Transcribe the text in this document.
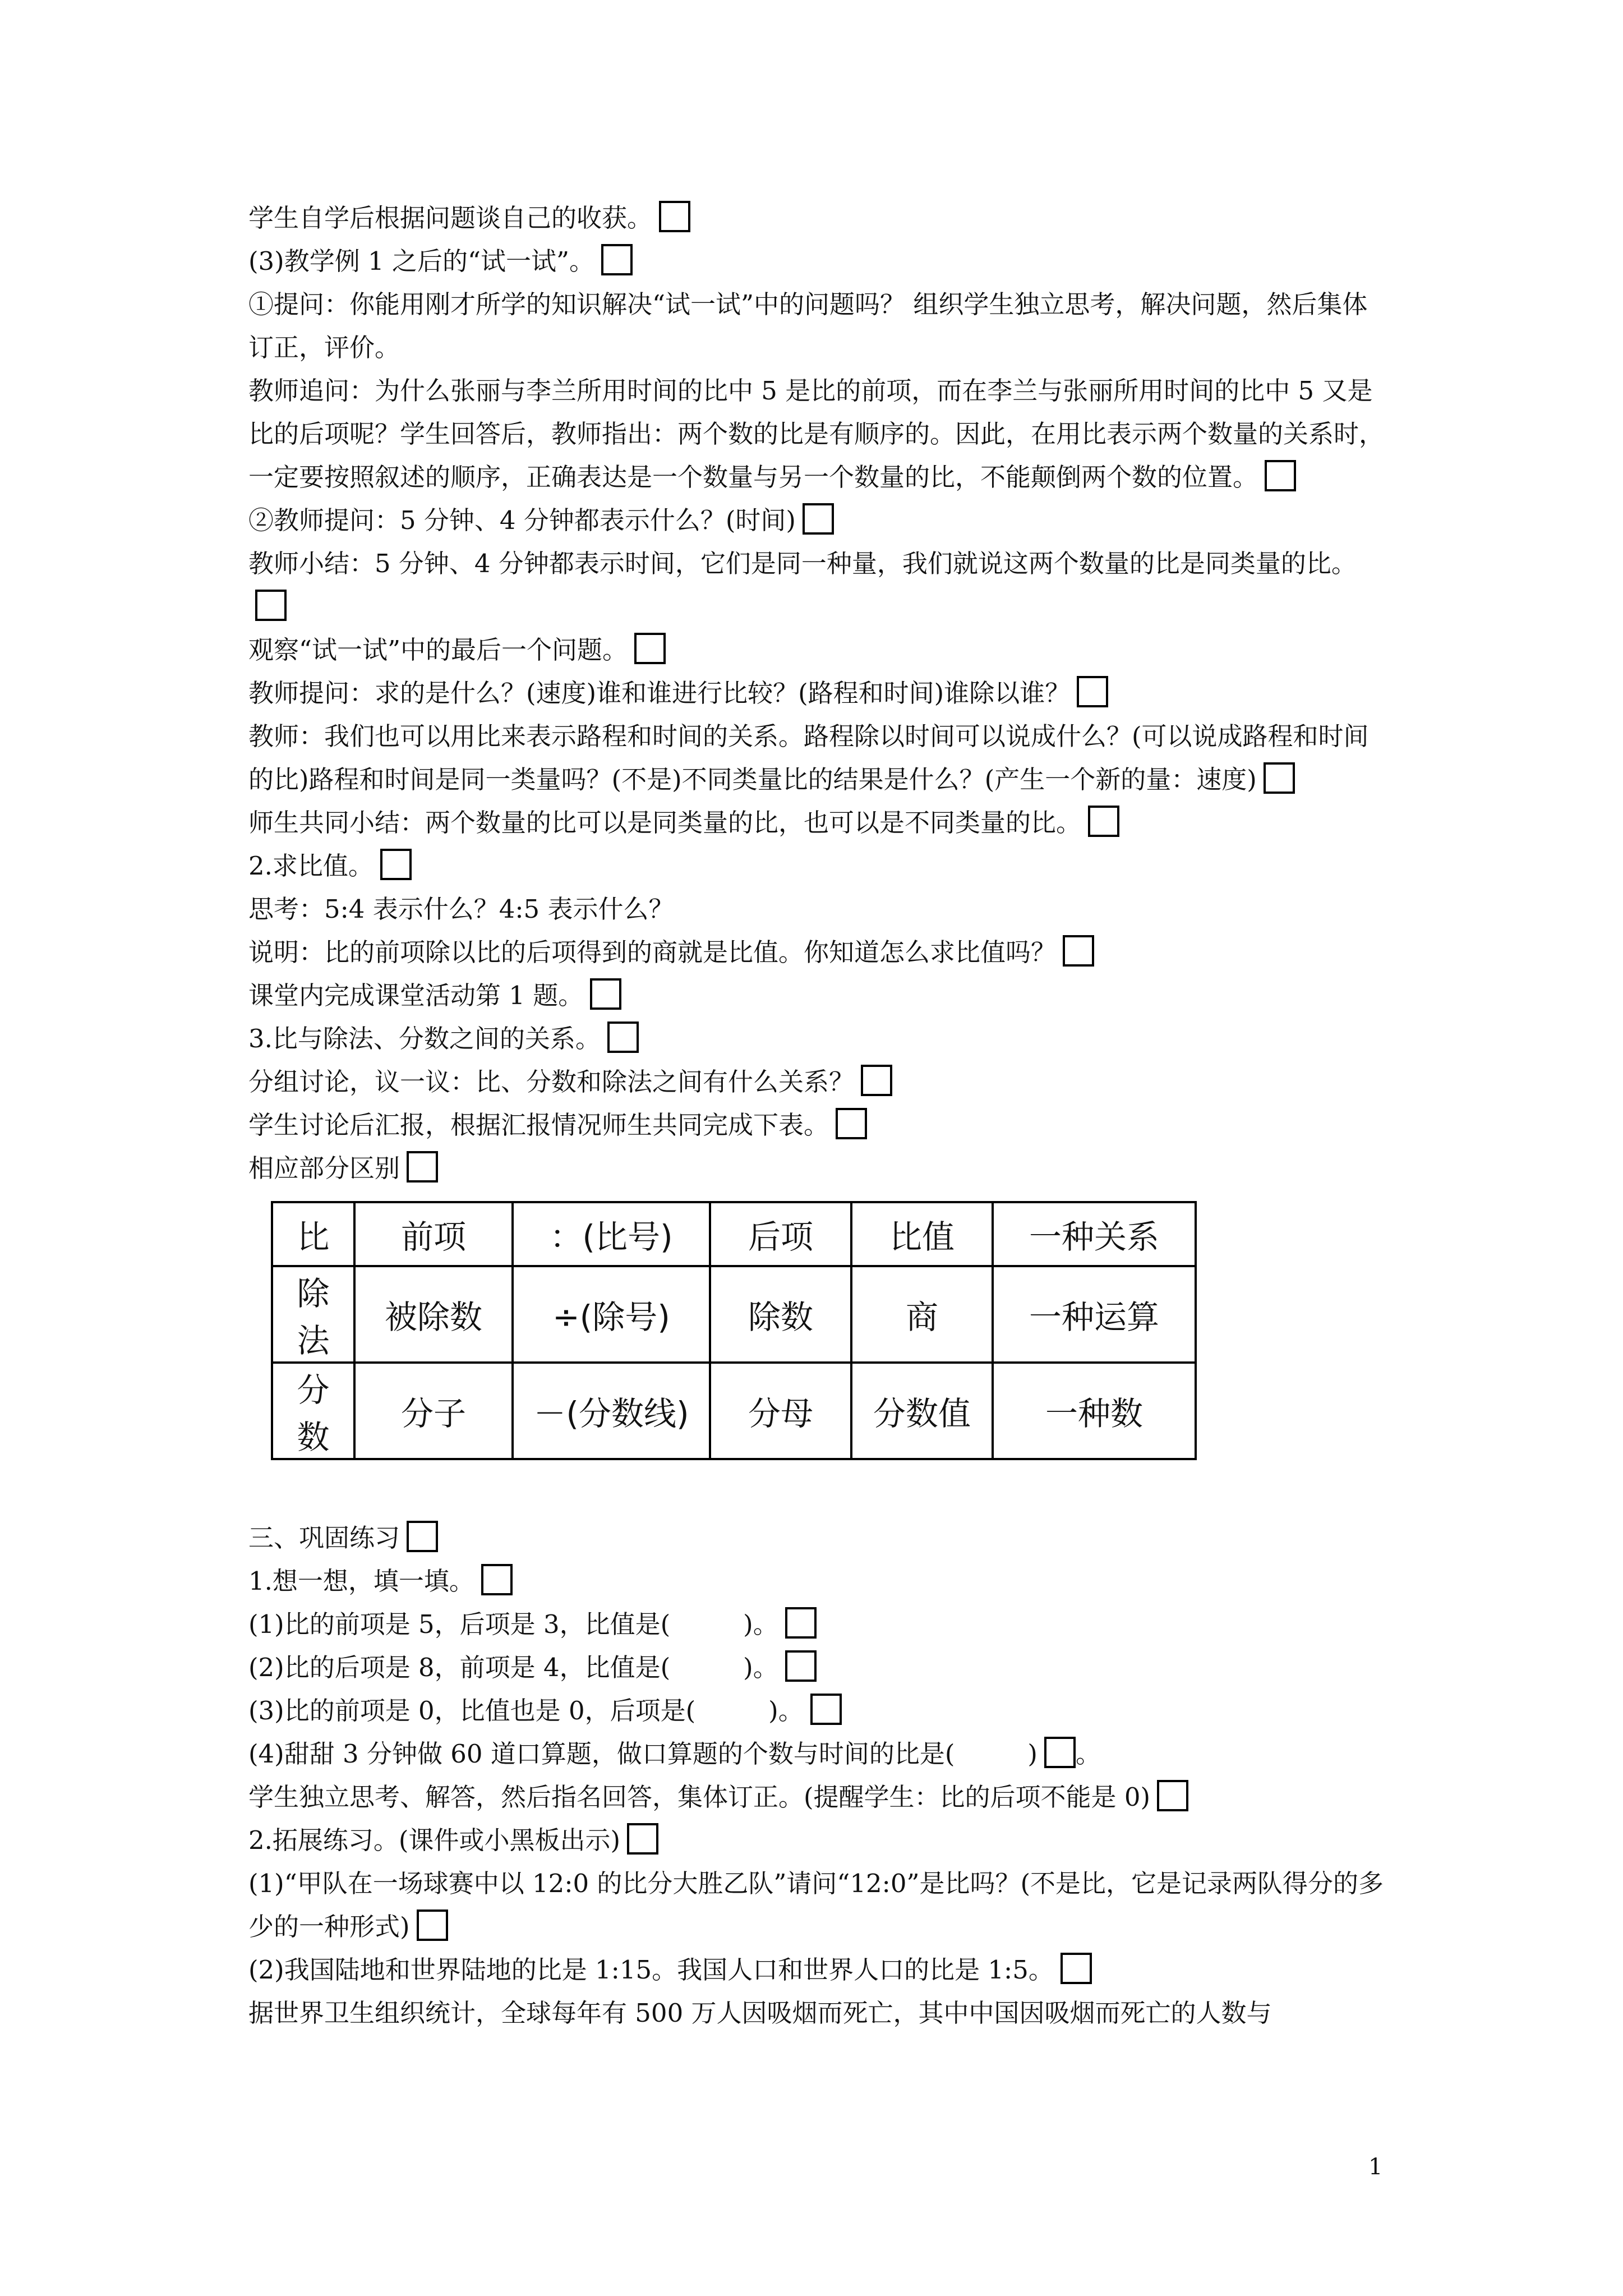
学生自学后根据问题谈自己的收获。
(3)教学例 1 之后的“试一试”。
①提问：你能用刚才所学的知识解决“试一试”中的问题吗？ 组织学生独立思考，解决问题，然后集体订正，评价。
教师追问：为什么张丽与李兰所用时间的比中 5 是比的前项，而在李兰与张丽所用时间的比中 5 又是比的后项呢？学生回答后，教师指出：两个数的比是有顺序的。因此，在用比表示两个数量的关系时，一定要按照叙述的顺序，正确表达是一个数量与另一个数量的比，不能颠倒两个数的位置。
②教师提问：5 分钟、4 分钟都表示什么？(时间)
教师小结：5 分钟、4 分钟都表示时间，它们是同一种量，我们就说这两个数量的比是同类量的比。
观察“试一试”中的最后一个问题。
教师提问：求的是什么？(速度)谁和谁进行比较？(路程和时间)谁除以谁？
教师：我们也可以用比来表示路程和时间的关系。路程除以时间可以说成什么？(可以说成路程和时间的比)路程和时间是同一类量吗？(不是)不同类量比的结果是什么？(产生一个新的量：速度)
师生共同小结：两个数量的比可以是同类量的比，也可以是不同类量的比。
2.求比值。
思考：5:4 表示什么？4:5 表示什么？
说明：比的前项除以比的后项得到的商就是比值。你知道怎么求比值吗？
课堂内完成课堂活动第 1 题。
3.比与除法、分数之间的关系。
分组讨论，议一议：比、分数和除法之间有什么关系？
学生讨论后汇报，根据汇报情况师生共同完成下表。
相应部分区别
比	前项	：(比号)	后项	比值	一种关系
除法	被除数	÷(除号)	除数	商	一种运算
分数	分子	－(分数线)	分母	分数值	一种数
三、巩固练习
1.想一想，填一填。
(1)比的前项是 5，后项是 3，比值是(	)。
(2)比的后项是 8，前项是 4，比值是(	)。
(3)比的前项是 0，比值也是 0，后项是(	)。
(4)甜甜 3 分钟做 60 道口算题，做口算题的个数与时间的比是(	) 。
学生独立思考、解答，然后指名回答，集体订正。(提醒学生：比的后项不能是 0)
2.拓展练习。(课件或小黑板出示)
(1)“甲队在一场球赛中以 12:0 的比分大胜乙队”请问“12:0”是比吗？(不是比，它是记录两队得分的多少的一种形式)
(2)我国陆地和世界陆地的比是 1:15。我国人口和世界人口的比是 1:5。
据世界卫生组织统计，全球每年有 500 万人因吸烟而死亡，其中中国因吸烟而死亡的人数与
1
